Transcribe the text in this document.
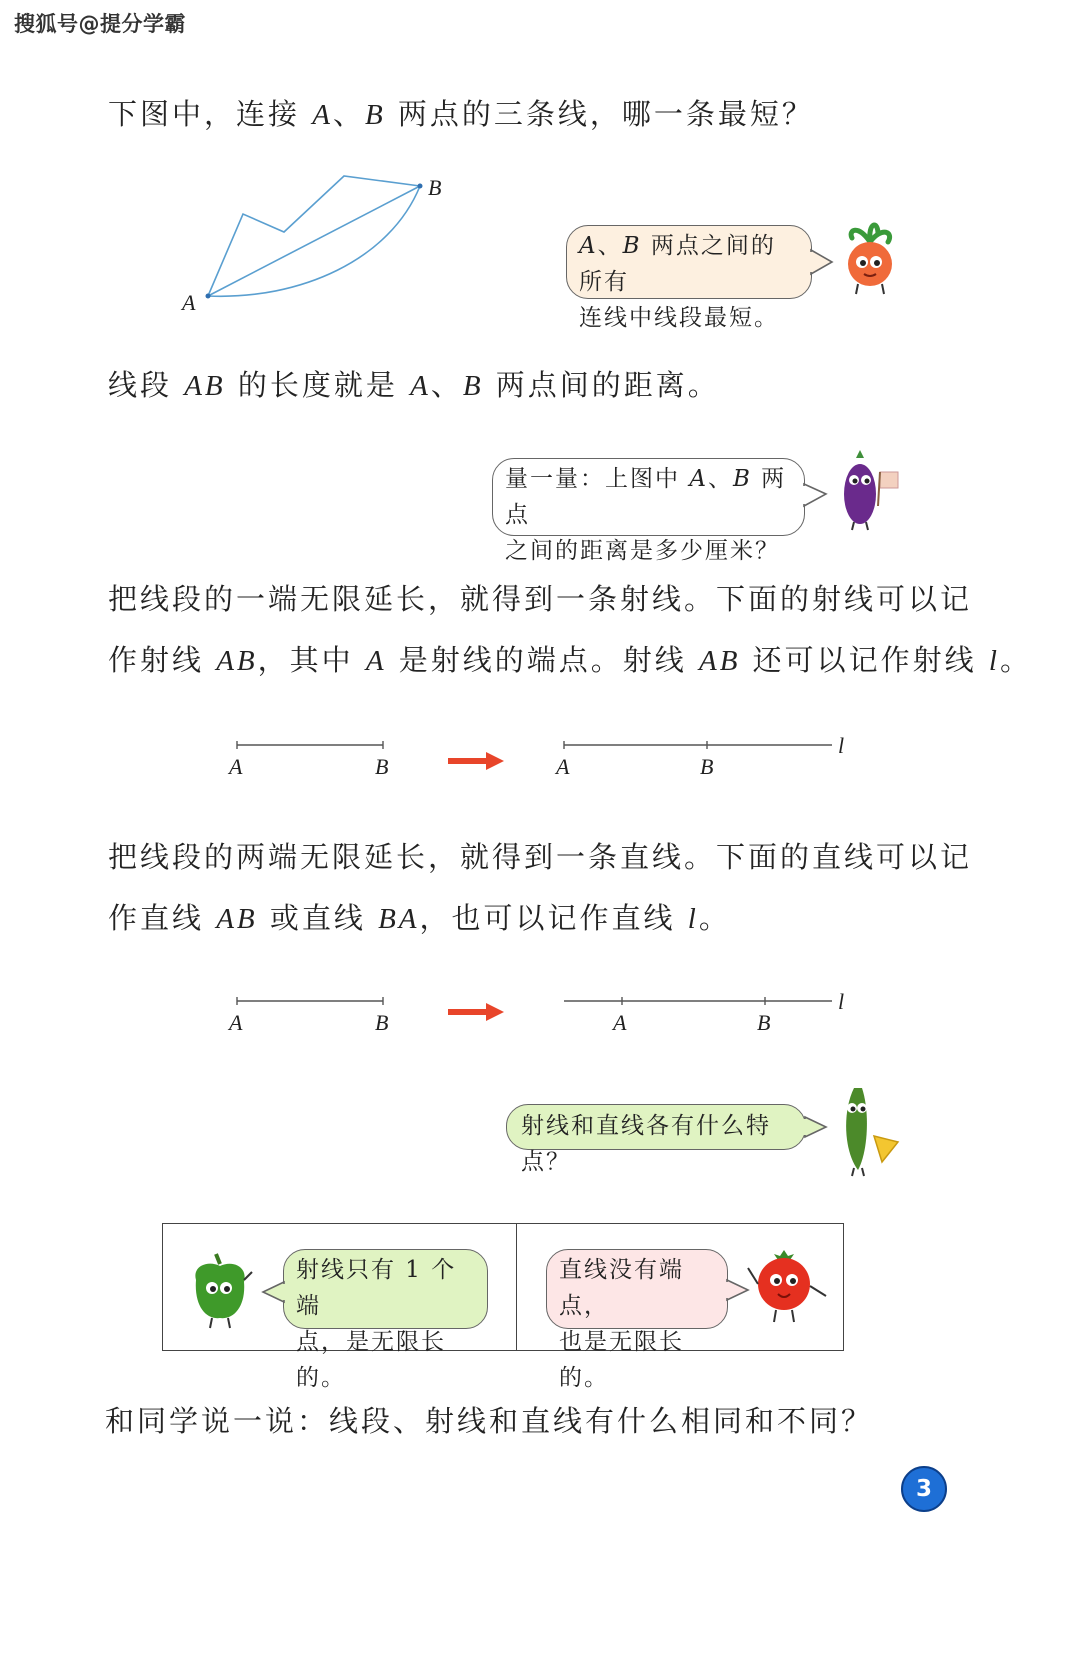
搜狐号@提分学霸
下图中，连接 A、B 两点的三条线，哪一条最短？
A
B
A、B 两点之间的所有
连线中线段最短。
线段 AB 的长度就是 A、B 两点间的距离。
量一量：上图中 A、B 两点
之间的距离是多少厘米？
把线段的一端无限延长，就得到一条射线。下面的射线可以记
作射线 AB，其中 A 是射线的端点。射线 AB 还可以记作射线 l。
A	B	A	B
l
把线段的两端无限延长，就得到一条直线。下面的直线可以记
作直线 AB 或直线 BA，也可以记作直线 l。
A	B	A	B
l
射线和直线各有什么特点？
射线只有 1 个端
点，是无限长的。
直线没有端点，
也是无限长的。
和同学说一说：线段、射线和直线有什么相同和不同？
3
